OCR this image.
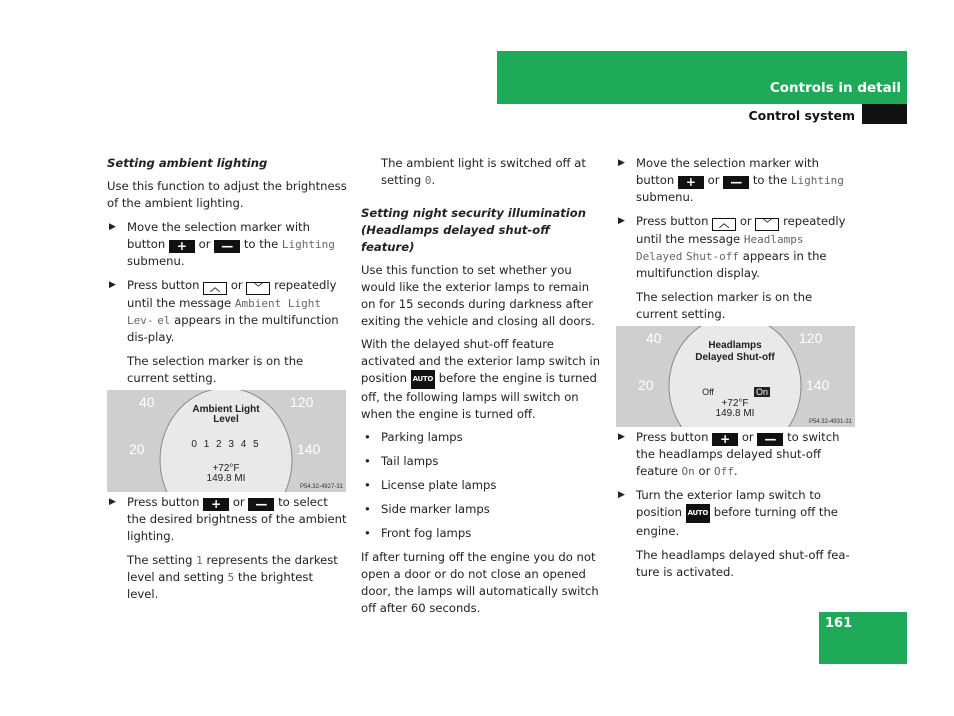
Controls in detail
Control system

Setting ambient lighting

Use this function to adjust the brightness of the ambient lighting.

▶ Move the selection marker with button + or — to the Lighting submenu.

▶ Press button ︿ or ﹀ repeatedly until the message Ambient Light Lev- el appears in the multifunction dis-play.

The selection marker is on the current setting.

40	120
20	140
Ambient Light
Level
0 1 2 3 4 5
+72°F
149.8 MI
P54.32-4927-31

▶ Press button + or — to select the desired brightness of the ambient lighting.

The setting 1 represents the darkest level and setting 5 the brightest level.

The ambient light is switched off at setting 0.

Setting night security illumination

(Headlamps delayed shut-off feature)

Use this function to set whether you would like the exterior lamps to remain on for 15 seconds during darkness after exiting the vehicle and closing all doors.

With the delayed shut-off feature activated and the exterior lamp switch in position AUTO before the engine is turned off, the following lamps will switch on when the engine is turned off.

• Parking lamps

• Tail lamps

• License plate lamps

• Side marker lamps

• Front fog lamps

If after turning off the engine you do not open a door or do not close an opened door, the lamps will automatically switch off after 60 seconds.

▶ Move the selection marker with button + or — to the Lighting submenu.

▶ Press button ︿ or ﹀ repeatedly until the message Headlamps Delayed Shut-off appears in the multifunction display.

The selection marker is on the current setting.

40	120
20	140
Headlamps
Delayed Shut-off
Off	On
+72°F
149.8 MI
P54.32-4931-31

▶ Press button + or — to switch the headlamps delayed shut-off feature On or Off.

▶ Turn the exterior lamp switch to position AUTO before turning off the engine.

The headlamps delayed shut-off fea-ture is activated.

161
